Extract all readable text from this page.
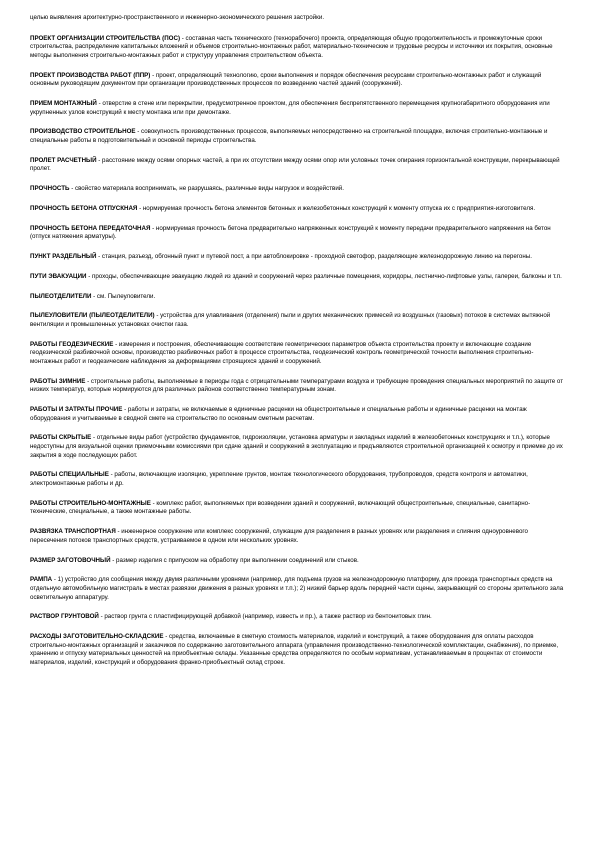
целью выявления архитектурно-пространственного и инженерно-экономического решения застройки.
ПРОЕКТ ОРГАНИЗАЦИИ СТРОИТЕЛЬСТВА (ПОС) - составная часть технического (технорабочего) проекта, определяющая общую продолжительность и промежуточные сроки строительства, распределение капитальных вложений и объемов строительно-монтажных работ, материально-технические и трудовые ресурсы и источники их покрытия, основные методы выполнения строительно-монтажных работ и структуру управления строительством объекта.
ПРОЕКТ ПРОИЗВОДСТВА РАБОТ (ППР) - проект, определяющий технологию, сроки выполнения и порядок обеспечения ресурсами строительно-монтажных работ и служащий основным руководящим документом при организации производственных процессов по возведению частей зданий (сооружений).
ПРИЕМ МОНТАЖНЫЙ - отверстие в стене или перекрытии, предусмотренное проектом, для обеспечения беспрепятственного перемещения крупногабаритного оборудования или укрупненных узлов конструкций к месту монтажа или при демонтаже.
ПРОИЗВОДСТВО СТРОИТЕЛЬНОЕ - совокупность производственных процессов, выполняемых непосредственно на строительной площадке, включая строительно-монтажные и специальные работы в подготовительный и основной периоды строительства.
ПРОЛЕТ РАСЧЕТНЫЙ - расстояние между осями опорных частей, а при их отсутствии между осями опор или условных точек опирания горизонтальной конструкции, перекрывающей пролет.
ПРОЧНОСТЬ - свойство материала воспринимать, не разрушаясь, различные виды нагрузок и воздействий.
ПРОЧНОСТЬ БЕТОНА ОТПУСКНАЯ - нормируемая прочность бетона элементов бетонных и железобетонных конструкций к моменту отпуска их с предприятия-изготовителя.
ПРОЧНОСТЬ БЕТОНА ПЕРЕДАТОЧНАЯ - нормируемая прочность бетона предварительно напряженных конструкций к моменту передачи предварительного напряжения на бетон (отпуск натяжения арматуры).
ПУНКТ РАЗДЕЛЬНЫЙ - станция, разъезд, обгонный пункт и путевой пост, а при автоблокировке - проходной светофор, разделяющие железнодорожную линию на перегоны.
ПУТИ ЭВАКУАЦИИ - проходы, обеспечивающие эвакуацию людей из зданий и сооружений через различные помещения, коридоры, лестнично-лифтовые узлы, галереи, балконы и т.п.
ПЫЛЕОТДЕЛИТЕЛИ - см. Пылеуловители.
ПЫЛЕУЛОВИТЕЛИ (ПЫЛЕОТДЕЛИТЕЛИ) - устройства для улавливания (отделения) пыли и других механических примесей из воздушных (газовых) потоков в системах вытяжной вентиляции и промышленных установках очистки газа.
РАБОТЫ ГЕОДЕЗИЧЕСКИЕ - измерения и построения, обеспечивающие соответствие геометрических параметров объекта строительства проекту и включающие создание геодезической разбивочной основы, производство разбивочных работ в процессе строительства, геодезический контроль геометрической точности выполнения строительно-монтажных работ и геодезические наблюдения за деформациями строящихся зданий и сооружений.
РАБОТЫ ЗИМНИЕ - строительные работы, выполняемые в периоды года с отрицательными температурами воздуха и требующие проведения специальных мероприятий по защите от низких температур, которые нормируются для различных районов соответственно температурным зонам.
РАБОТЫ И ЗАТРАТЫ ПРОЧИЕ - работы и затраты, не включаемые в единичные расценки на общестроительные и специальные работы и единичные расценки на монтаж оборудования и учитываемые в сводной смете на строительство по основным сметным расчетам.
РАБОТЫ СКРЫТЫЕ - отдельные виды работ (устройство фундаментов, гидроизоляции, установка арматуры и закладных изделий в железобетонных конструкциях и т.п.), которые недоступны для визуальной оценки приемочными комиссиями при сдаче зданий и сооружений в эксплуатацию и предъявляются строительной организацией к осмотру и приемке до их закрытия в ходе последующих работ.
РАБОТЫ СПЕЦИАЛЬНЫЕ - работы, включающие изоляцию, укрепление грунтов, монтаж технологического оборудования, трубопроводов, средств контроля и автоматики, электромонтажные работы и др.
РАБОТЫ СТРОИТЕЛЬНО-МОНТАЖНЫЕ - комплекс работ, выполняемых при возведении зданий и сооружений, включающий общестроительные, специальные, санитарно-технические, специальные, а также монтажные работы.
РАЗВЯЗКА ТРАНСПОРТНАЯ - инженерное сооружение или комплекс сооружений, служащие для разделения в разных уровнях или разделения и слияния одноуровневого пересечения потоков транспортных средств, устраиваемое в одном или нескольких уровнях.
РАЗМЕР ЗАГОТОВОЧНЫЙ - размер изделия с припуском на обработку при выполнении соединений или стыков.
РАМПА - 1) устройство для сообщения между двумя различными уровнями (например, для подъема грузов на железнодорожную платформу, для проезда транспортных средств на отдельную автомобильную магистраль в местах развязки движения в разных уровнях и т.п.); 2) низкий барьер вдоль передней части сцены, закрывающий со стороны зрительного зала осветительную аппаратуру.
РАСТВОР ГРУНТОВОЙ - раствор грунта с пластифицирующей добавкой (например, известь и пр.), а также раствор из бентонитовых глин.
РАСХОДЫ ЗАГОТОВИТЕЛЬНО-СКЛАДСКИЕ - средства, включаемые в сметную стоимость материалов, изделий и конструкций, а также оборудования для оплаты расходов строительно-монтажных организаций и заказчиков по содержанию заготовительного аппарата (управления производственно-технологической комплектации, снабжения), по приемке, хранению и отпуску материальных ценностей на приобъектные склады. Указанные средства определяются по особым нормативам, устанавливаемым в процентах от стоимости материалов, изделий, конструкций и оборудования франко-приобъектный склад строек.
